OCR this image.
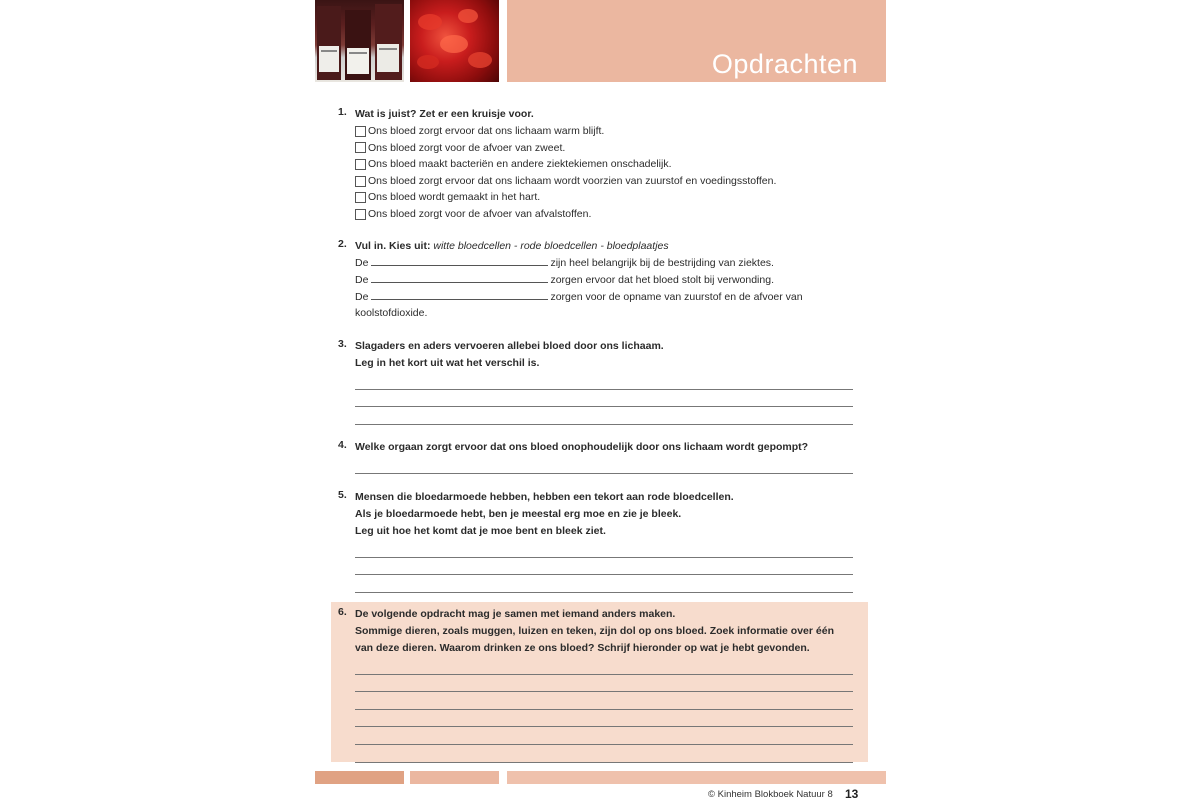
Opdrachten
1. Wat is juist? Zet er een kruisje voor.
Ons bloed zorgt ervoor dat ons lichaam warm blijft.
Ons bloed zorgt voor de afvoer van zweet.
Ons bloed maakt bacteriën en andere ziektekiemen onschadelijk.
Ons bloed zorgt ervoor dat ons lichaam wordt voorzien van zuurstof en voedingsstoffen.
Ons bloed wordt gemaakt in het hart.
Ons bloed zorgt voor de afvoer van afvalstoffen.
2. Vul in. Kies uit: witte bloedcellen - rode bloedcellen - bloedplaatjes
De	zijn heel belangrijk bij de bestrijding van ziektes.
De	zorgen ervoor dat het bloed stolt bij verwonding.
De	zorgen voor de opname van zuurstof en de afvoer van
koolstofdioxide.
3. Slagaders en aders vervoeren allebei bloed door ons lichaam.
Leg in het kort uit wat het verschil is.
4. Welke orgaan zorgt ervoor dat ons bloed onophoudelijk door ons lichaam wordt gepompt?
5. Mensen die bloedarmoede hebben, hebben een tekort aan rode bloedcellen.
Als je bloedarmoede hebt, ben je meestal erg moe en zie je bleek.
Leg uit hoe het komt dat je moe bent en bleek ziet.
6. De volgende opdracht mag je samen met iemand anders maken.
Sommige dieren, zoals muggen, luizen en teken, zijn dol op ons bloed. Zoek informatie over één
van deze dieren. Waarom drinken ze ons bloed? Schrijf hieronder op wat je hebt gevonden.
© Kinheim Blokboek Natuur 8 13
